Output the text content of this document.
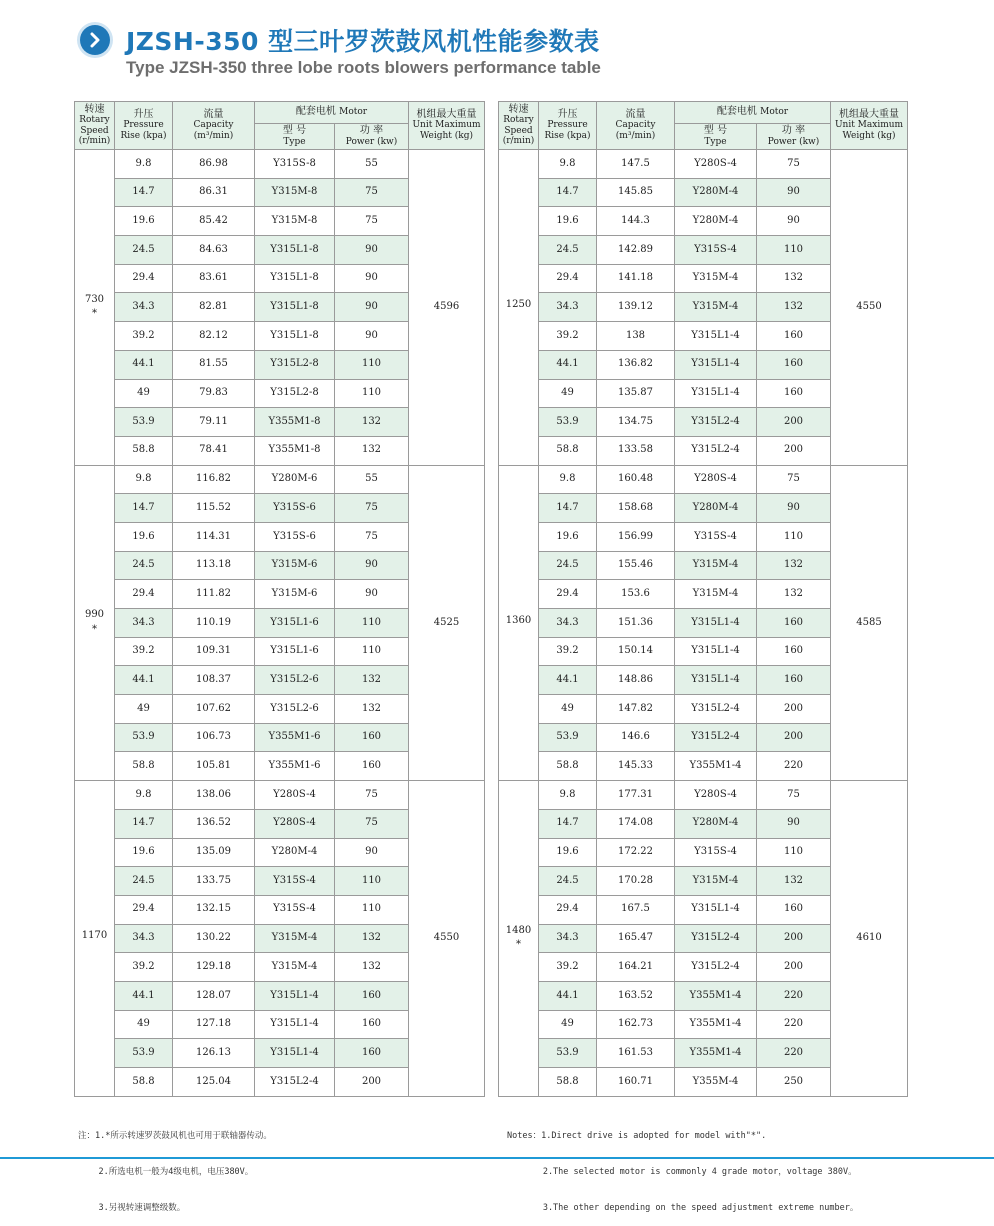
JZSH-350 型三叶罗茨鼓风机性能参数表
Type JZSH-350 three lobe roots blowers performance table
转速
Rotary Speed (r/min)	升压
Pressure Rise (kpa)	流量
Capacity (m³/min)	配套电机 Motor		机组最大重量
Unit Maximum Weight (kg)
			型 号
Type	功 率
Power (kw)	

730
*	9.8	86.98	Y315S-8	55	4596
	14.7	86.31	Y315M-8	75	
	19.6	85.42	Y315M-8	75	
	24.5	84.63	Y315L1-8	90	
	29.4	83.61	Y315L1-8	90	
	34.3	82.81	Y315L1-8	90	
	39.2	82.12	Y315L1-8	90	
	44.1	81.55	Y315L2-8	110	
	49	79.83	Y315L2-8	110	
	53.9	79.11	Y355M1-8	132	
	58.8	78.41	Y355M1-8	132	

990
*	9.8	116.82	Y280M-6	55	4525
	14.7	115.52	Y315S-6	75	
	19.6	114.31	Y315S-6	75	
	24.5	113.18	Y315M-6	90	
	29.4	111.82	Y315M-6	90	
	34.3	110.19	Y315L1-6	110	
	39.2	109.31	Y315L1-6	110	
	44.1	108.37	Y315L2-6	132	
	49	107.62	Y315L2-6	132	
	53.9	106.73	Y355M1-6	160	
	58.8	105.81	Y355M1-6	160	

1170	9.8	138.06	Y280S-4	75	4550
	14.7	136.52	Y280S-4	75	
	19.6	135.09	Y280M-4	90	
	24.5	133.75	Y315S-4	110	
	29.4	132.15	Y315S-4	110	
	34.3	130.22	Y315M-4	132	
	39.2	129.18	Y315M-4	132	
	44.1	128.07	Y315L1-4	160	
	49	127.18	Y315L1-4	160	
	53.9	126.13	Y315L1-4	160	
	58.8	125.04	Y315L2-4	200	
转速
Rotary Speed (r/min)	升压
Pressure Rise (kpa)	流量
Capacity (m³/min)	配套电机 Motor		机组最大重量
Unit Maximum Weight (kg)
			型 号
Type	功 率
Power (kw)	

1250	9.8	147.5	Y280S-4	75	4550
	14.7	145.85	Y280M-4	90	
	19.6	144.3	Y280M-4	90	
	24.5	142.89	Y315S-4	110	
	29.4	141.18	Y315M-4	132	
	34.3	139.12	Y315M-4	132	
	39.2	138	Y315L1-4	160	
	44.1	136.82	Y315L1-4	160	
	49	135.87	Y315L1-4	160	
	53.9	134.75	Y315L2-4	200	
	58.8	133.58	Y315L2-4	200	

1360	9.8	160.48	Y280S-4	75	4585
	14.7	158.68	Y280M-4	90	
	19.6	156.99	Y315S-4	110	
	24.5	155.46	Y315M-4	132	
	29.4	153.6	Y315M-4	132	
	34.3	151.36	Y315L1-4	160	
	39.2	150.14	Y315L1-4	160	
	44.1	148.86	Y315L1-4	160	
	49	147.82	Y315L2-4	200	
	53.9	146.6	Y315L2-4	200	
	58.8	145.33	Y355M1-4	220	

1480
*	9.8	177.31	Y280S-4	75	4610
	14.7	174.08	Y280M-4	90	
	19.6	172.22	Y315S-4	110	
	24.5	170.28	Y315M-4	132	
	29.4	167.5	Y315L1-4	160	
	34.3	165.47	Y315L2-4	200	
	39.2	164.21	Y315L2-4	200	
	44.1	163.52	Y355M1-4	220	
	49	162.73	Y355M1-4	220	
	53.9	161.53	Y355M1-4	220	
	58.8	160.71	Y355M-4	250	

注：1.*所示转速罗茨鼓风机也可用于联轴器传动。

2.所选电机一般为4级电机，电压380V。

3.另视转速调整级数。

Notes：1.Direct drive is adopted for model with"*".

2.The selected motor is commonly 4 grade motor，voltage 380V。

3.The other depending on the speed adjustment extreme number。
